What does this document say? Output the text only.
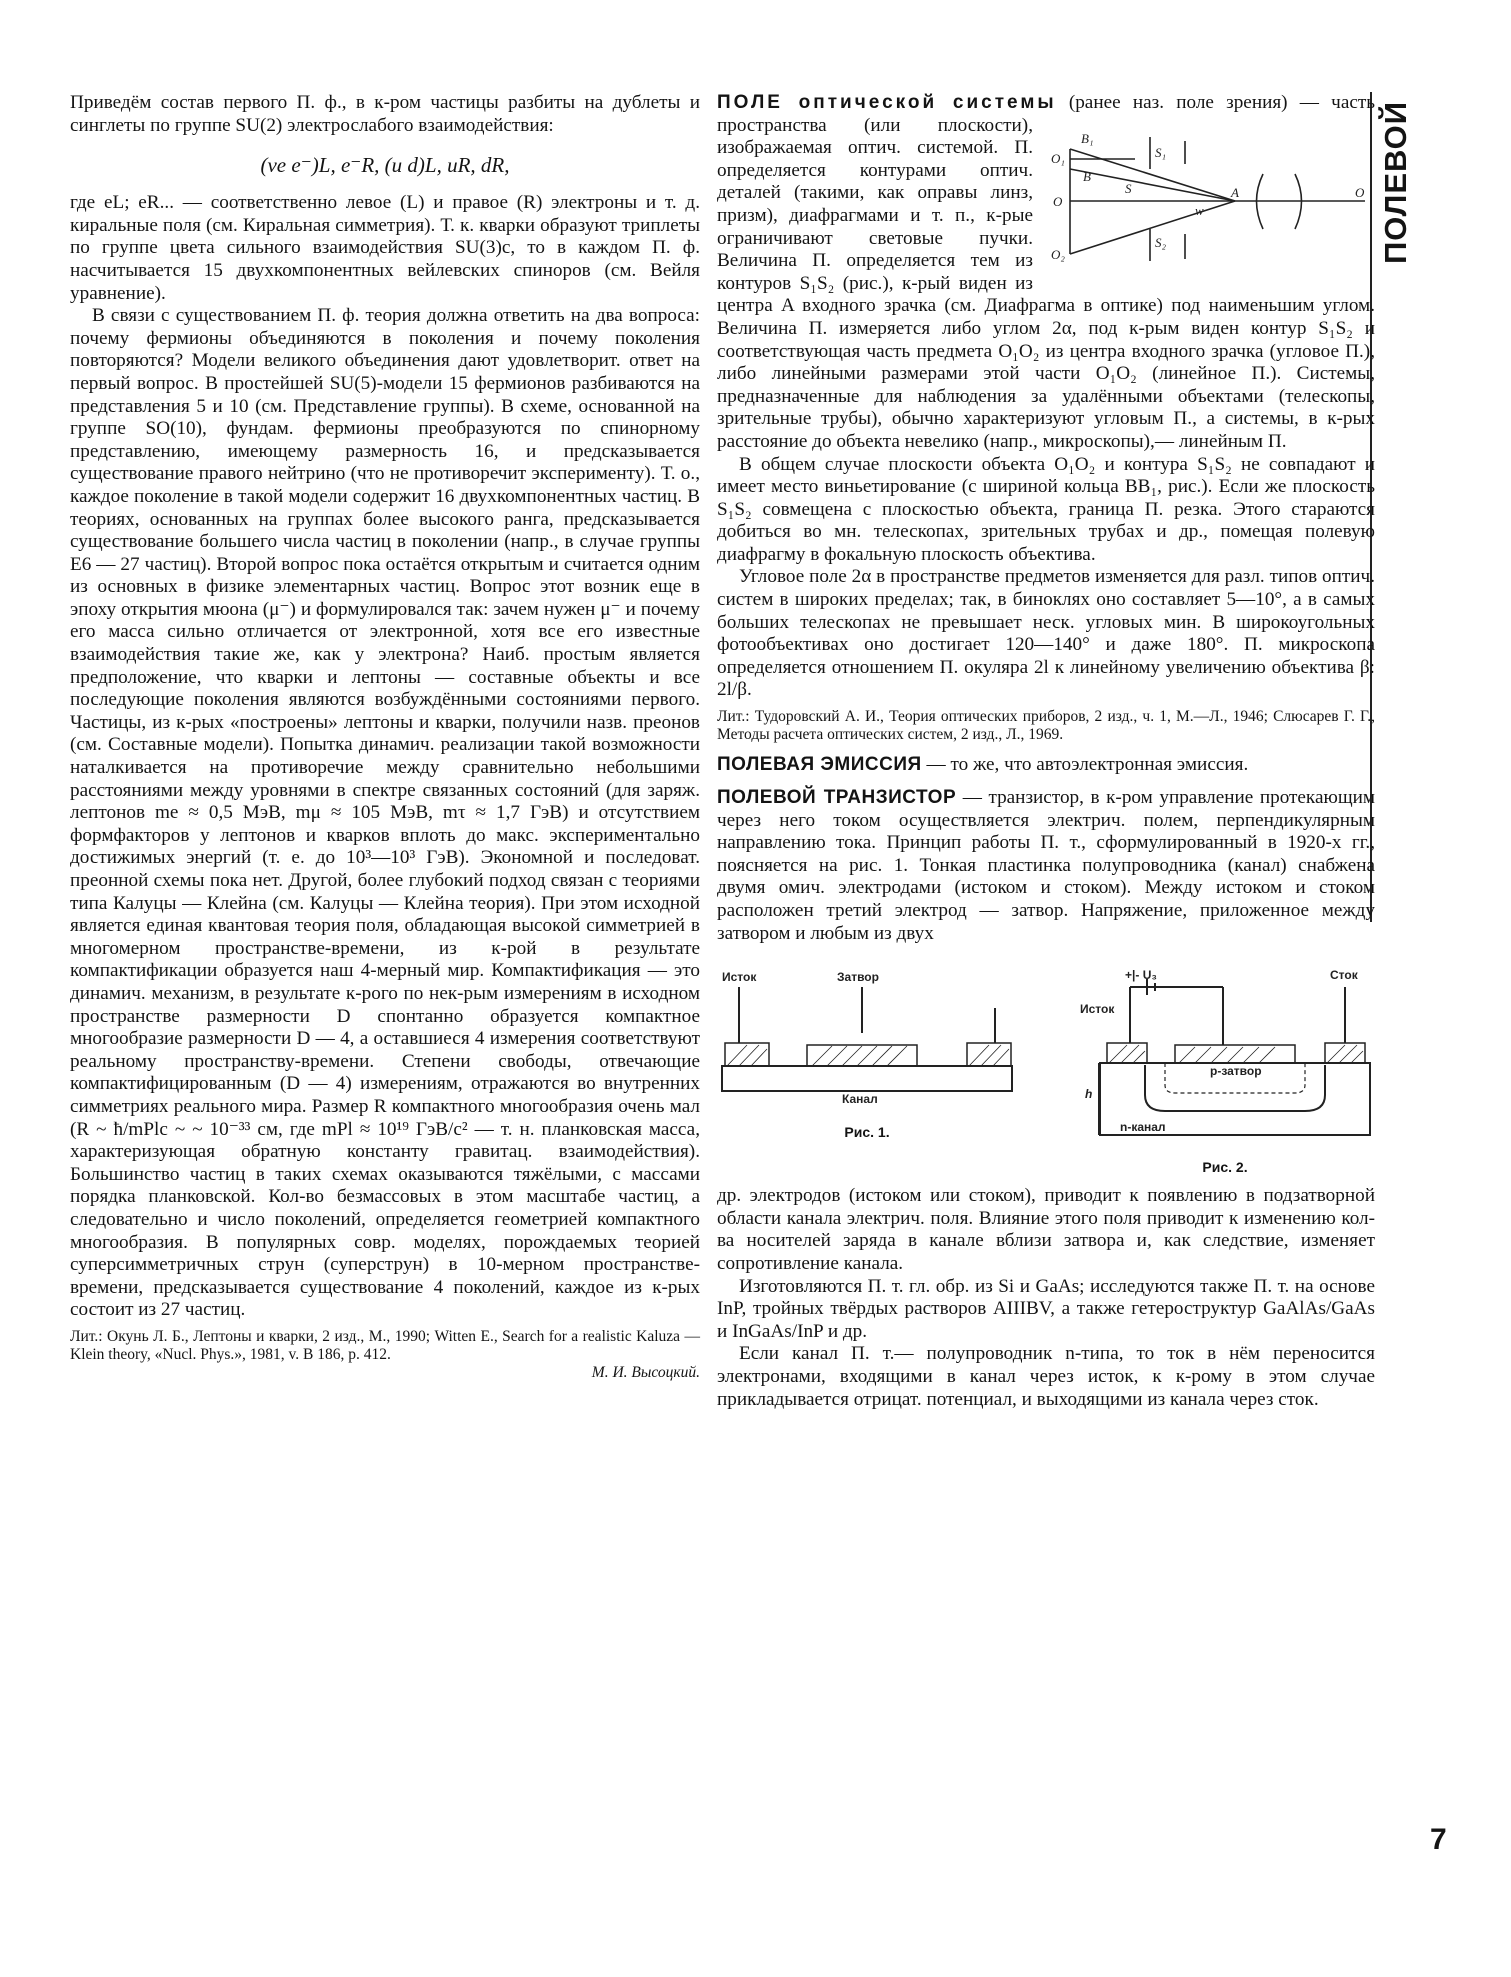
ПОЛЕВОЙ

Приведём состав первого П. ф., в к-ром частицы разбиты на дублеты и синглеты по группе SU(2) электрослабого взаимодействия:

(νe e⁻)L, e⁻R, (u d)L, uR, dR,

где eL; eR... — соответственно левое (L) и правое (R) электроны и т. д. киральные поля (см. Киральная симметрия). Т. к. кварки образуют триплеты по группе цвета сильного взаимодействия SU(3)c, то в каждом П. ф. насчитывается 15 двухкомпонентных вейлевских спиноров (см. Вейля уравнение).

В связи с существованием П. ф. теория должна ответить на два вопроса: почему фермионы объединяются в поколения и почему поколения повторяются? Модели великого объединения дают удовлетворит. ответ на первый вопрос. В простейшей SU(5)-модели 15 фермионов разбиваются на представления 5 и 10 (см. Представление группы). В схеме, основанной на группе SO(10), фундам. фермионы преобразуются по спинорному представлению, имеющему размерность 16, и предсказывается существование правого нейтрино (что не противоречит эксперименту). Т. о., каждое поколение в такой модели содержит 16 двухкомпонентных частиц. В теориях, основанных на группах более высокого ранга, предсказывается существование большего числа частиц в поколении (напр., в случае группы E6 — 27 частиц). Второй вопрос пока остаётся открытым и считается одним из основных в физике элементарных частиц. Вопрос этот возник еще в эпоху открытия мюона (μ⁻) и формулировался так: зачем нужен μ⁻ и почему его масса сильно отличается от электронной, хотя все его известные взаимодействия такие же, как у электрона? Наиб. простым является предположение, что кварки и лептоны — составные объекты и все последующие поколения являются возбуждёнными состояниями первого. Частицы, из к-рых «построены» лептоны и кварки, получили назв. преонов (см. Составные модели). Попытка динамич. реализации такой возможности наталкивается на противоречие между сравнительно небольшими расстояниями между уровнями в спектре связанных состояний (для заряж. лептонов me ≈ 0,5 МэВ, mμ ≈ 105 МэВ, mτ ≈ 1,7 ГэВ) и отсутствием формфакторов у лептонов и кварков вплоть до макс. экспериментально достижимых энергий (т. е. до 10³—10³ ГэВ). Экономной и последоват. преонной схемы пока нет. Другой, более глубокий подход связан с теориями типа Калуцы — Клейна (см. Калуцы — Клейна теория). При этом исходной является единая квантовая теория поля, обладающая высокой симметрией в многомерном пространстве-времени, из к-рой в результате компактификации образуется наш 4-мерный мир. Компактификация — это динамич. механизм, в результате к-рого по нек-рым измерениям в исходном пространстве размерности D спонтанно образуется компактное многообразие размерности D — 4, а оставшиеся 4 измерения соответствуют реальному пространству-времени. Степени свободы, отвечающие компактифицированным (D — 4) измерениям, отражаются во внутренних симметриях реального мира. Размер R компактного многообразия очень мал (R ~ ħ/mPlc ~ ~ 10⁻³³ см, где mPl ≈ 10¹⁹ ГэВ/c² — т. н. планковская масса, характеризующая обратную константу гравитац. взаимодействия). Большинство частиц в таких схемах оказываются тяжёлыми, с массами порядка планковской. Кол-во безмассовых в этом масштабе частиц, а следовательно и число поколений, определяется геометрией компактного многообразия. В популярных совр. моделях, порождаемых теорией суперсимметричных струн (суперструн) в 10-мерном пространстве-времени, предсказывается существование 4 поколений, каждое из к-рых состоит из 27 частиц.

Лит.: Окунь Л. Б., Лептоны и кварки, 2 изд., М., 1990; Witten E., Search for a realistic Kaluza — Klein theory, «Nucl. Phys.», 1981, v. B 186, p. 412.

М. И. Высоцкий.

ПОЛЕ оптической системы
B₁
O₁
B
S
S₁
O
w
A	O
O₂
S₂
(ранее наз. поле зрения) — часть пространства (или плоскости), изображаемая оптич. системой. П. определяется контурами оптич. деталей (такими, как оправы линз, призм), диафрагмами и т. п., к-рые ограничивают световые пучки. Величина П. определяется тем из контуров S₁S₂ (рис.), к-рый виден из центра A входного зрачка (см. Диафрагма в оптике) под наименьшим углом. Величина П. измеряется либо углом 2α, под к-рым виден контур S₁S₂ и соответствующая часть предмета O₁O₂ из центра входного зрачка (угловое П.), либо линейными размерами этой части O₁O₂ (линейное П.). Системы, предназначенные для наблюдения за удалёнными объектами (телескопы, зрительные трубы), обычно характеризуют угловым П., а системы, в к-рых расстояние до объекта невелико (напр., микроскопы),— линейным П.

В общем случае плоскости объекта O₁O₂ и контура S₁S₂ не совпадают и имеет место виньетирование (с шириной кольца BB₁, рис.). Если же плоскость S₁S₂ совмещена с плоскостью объекта, граница П. резка. Этого стараются добиться во мн. телескопах, зрительных трубах и др., помещая полевую диафрагму в фокальную плоскость объектива.

Угловое поле 2α в пространстве предметов изменяется для разл. типов оптич. систем в широких пределах; так, в биноклях оно составляет 5—10°, а в самых больших телескопах не превышает неск. угловых мин. В широкоугольных фотообъективах оно достигает 120—140° и даже 180°. П. микроскопа определяется отношением П. окуляра 2l к линейному увеличению объектива β: 2l/β.

Лит.: Тудоровский А. И., Теория оптических приборов, 2 изд., ч. 1, М.—Л., 1946; Слюсарев Г. Г., Методы расчета оптических систем, 2 изд., Л., 1969.

ПОЛЕВАЯ ЭМИССИЯ — то же, что автоэлектронная эмиссия.

ПОЛЕВОЙ ТРАНЗИСТОР — транзистор, в к-ром управление протекающим через него током осуществляется электрич. полем, перпендикулярным направлению тока. Принцип работы П. т., сформулированный в 1920-х гг., поясняется на рис. 1. Тонкая пластинка полупроводника (канал) снабжена двумя омич. электродами (истоком и стоком). Между истоком и стоком расположен третий электрод — затвор. Напряжение, приложенное между затвором и любым из двух

Исток	Затвор
Канал
Рис. 1.
+|- U₃	Сток
Исток
p-затвор
n-канал
h
Рис. 2.

др. электродов (истоком или стоком), приводит к появлению в подзатворной области канала электрич. поля. Влияние этого поля приводит к изменению кол-ва носителей заряда в канале вблизи затвора и, как следствие, изменяет сопротивление канала.

Изготовляются П. т. гл. обр. из Si и GaAs; исследуются также П. т. на основе InP, тройных твёрдых растворов AIIIBV, а также гетероструктур GaAlAs/GaAs и InGaAs/InP и др.

Если канал П. т.— полупроводник n-типа, то ток в нём переносится электронами, входящими в канал через исток, к к-рому в этом случае прикладывается отрицат. потенциал, и выходящими из канала через сток.

7
